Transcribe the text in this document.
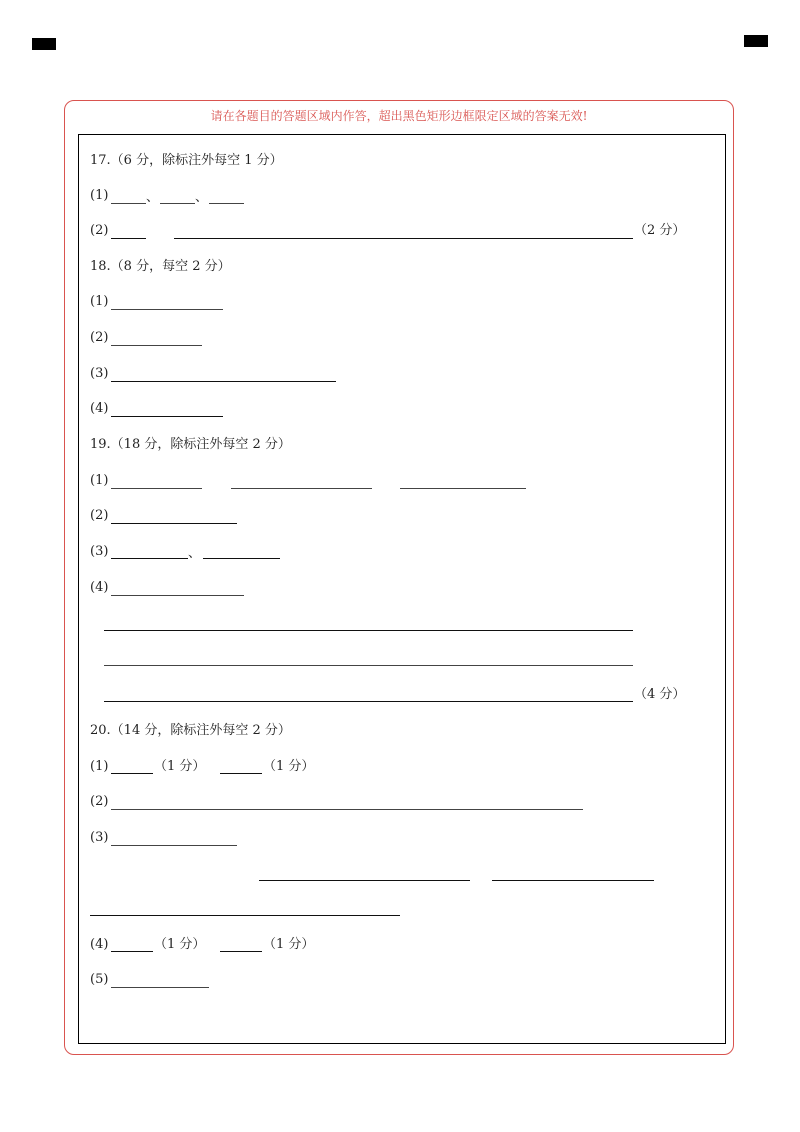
请在各题目的答题区域内作答，超出黑色矩形边框限定区域的答案无效!
17.（6 分，除标注外每空 1 分）
(1)	、	、
(2)	（2 分）
18.（8 分，每空 2 分）
(1)
(2)
(3)
(4)
19.（18 分，除标注外每空 2 分）
(1)
(2)
(3)	、
(4)
（4 分）
20.（14 分，除标注外每空 2 分）
(1)	（1 分）	（1 分）
(2)
(3)
(4)	（1 分）	（1 分）
(5)
